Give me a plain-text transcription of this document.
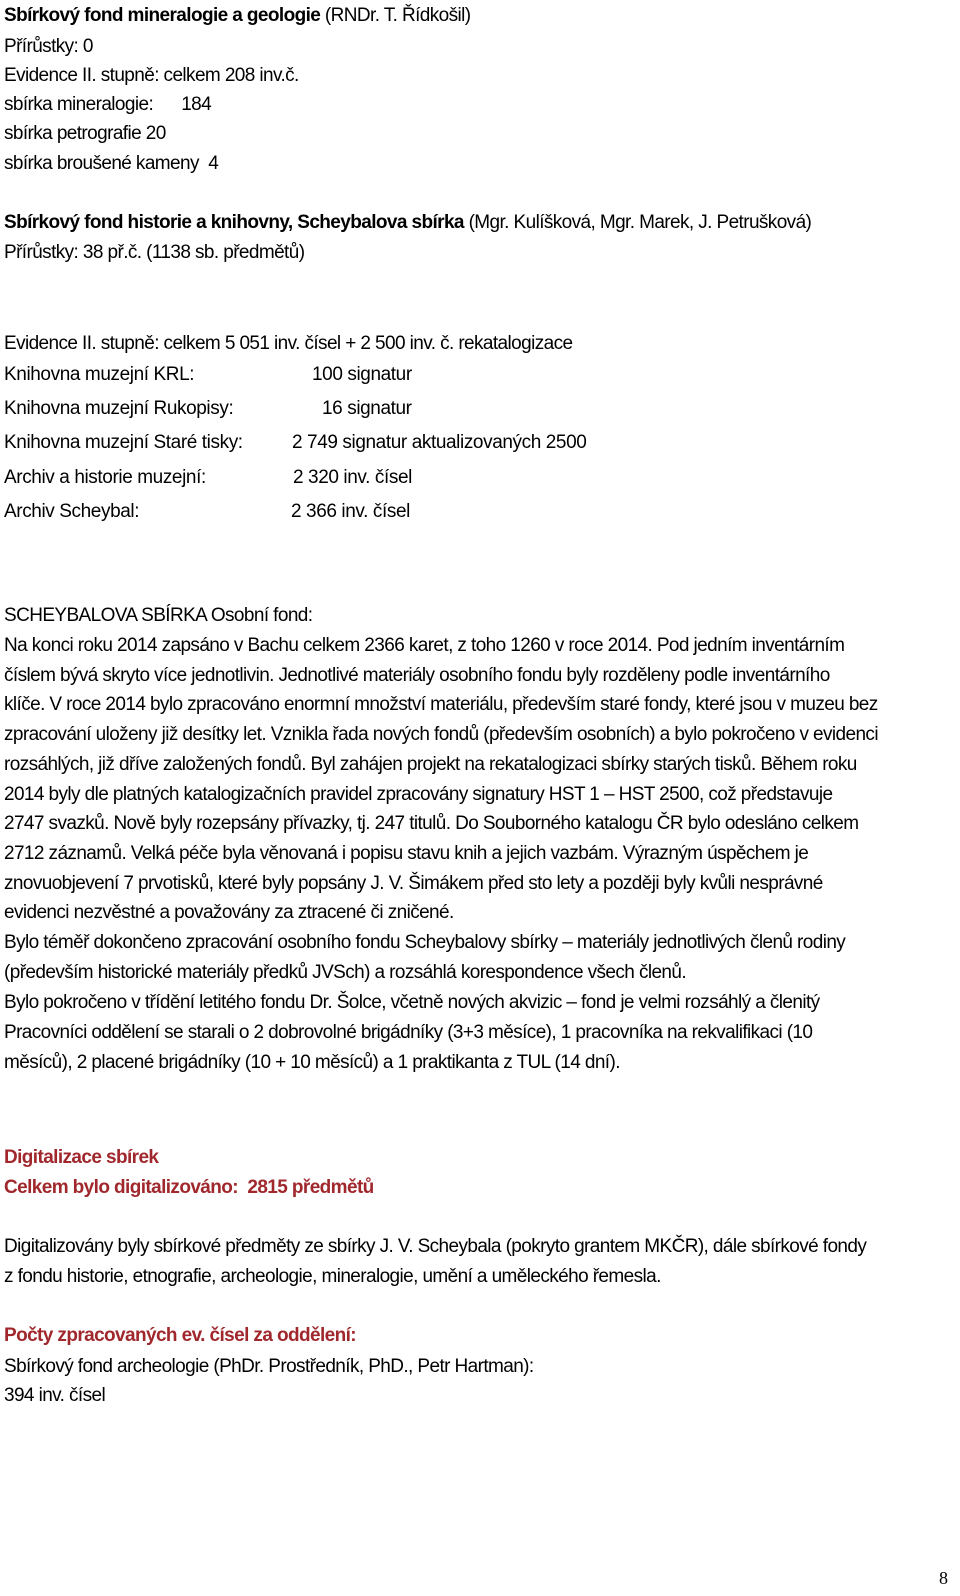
Sbírkový fond mineralogie a geologie (RNDr. T. Řídkošil)
Přírůstky: 0
Evidence II. stupně: celkem 208 inv.č.
sbírka mineralogie:      184
sbírka petrografie 20
sbírka broušené kameny  4
Sbírkový fond historie a knihovny, Scheybalova sbírka (Mgr. Kulíšková, Mgr. Marek, J. Petrušková)
Přírůstky: 38 př.č. (1138 sb. předmětů)
Evidence II. stupně: celkem 5 051 inv. čísel + 2 500 inv. č. rekatalogizace
Knihovna muzejní KRL:	100 signatur
Knihovna muzejní Rukopisy:	16 signatur
Knihovna muzejní Staré tisky:	2 749 signatur aktualizovaných 2500
Archiv a historie muzejní:	2 320 inv. čísel
Archiv Scheybal:	2 366 inv. čísel
SCHEYBALOVA SBÍRKA Osobní fond:
Na konci roku 2014 zapsáno v Bachu celkem 2366 karet, z toho 1260 v roce 2014. Pod jedním inventárním
číslem bývá skryto více jednotlivin. Jednotlivé materiály osobního fondu byly rozděleny podle inventárního
klíče. V roce 2014 bylo zpracováno enormní množství materiálu, především staré fondy, které jsou v muzeu bez
zpracování uloženy již desítky let. Vznikla řada nových fondů (především osobních) a bylo pokročeno v evidenci
rozsáhlých, již dříve založených fondů. Byl zahájen projekt na rekatalogizaci sbírky starých tisků. Během roku
2014 byly dle platných katalogizačních pravidel zpracovány signatury HST 1 – HST 2500, což představuje
2747 svazků. Nově byly rozepsány přívazky, tj. 247 titulů. Do Souborného katalogu ČR bylo odesláno celkem
2712 záznamů. Velká péče byla věnovaná i popisu stavu knih a jejich vazbám. Výrazným úspěchem je
znovuobjevení 7 prvotisků, které byly popsány J. V. Šimákem před sto lety a později byly kvůli nesprávné
evidenci nezvěstné a považovány za ztracené či zničené.
Bylo téměř dokončeno zpracování osobního fondu Scheybalovy sbírky – materiály jednotlivých členů rodiny
(především historické materiály předků JVSch) a rozsáhlá korespondence všech členů.
Bylo pokročeno v třídění letitého fondu Dr. Šolce, včetně nových akvizic – fond je velmi rozsáhlý a členitý
Pracovníci oddělení se starali o 2 dobrovolné brigádníky (3+3 měsíce), 1 pracovníka na rekvalifikaci (10
měsíců), 2 placené brigádníky (10 + 10 měsíců) a 1 praktikanta z TUL (14 dní).
Digitalizace sbírek
Celkem bylo digitalizováno:  2815 předmětů
Digitalizovány byly sbírkové předměty ze sbírky J. V. Scheybala (pokryto grantem MKČR), dále sbírkové fondy
z fondu historie, etnografie, archeologie, mineralogie, umění a uměleckého řemesla.
Počty zpracovaných ev. čísel za oddělení:
Sbírkový fond archeologie (PhDr. Prostředník, PhD., Petr Hartman):
394 inv. čísel
8
